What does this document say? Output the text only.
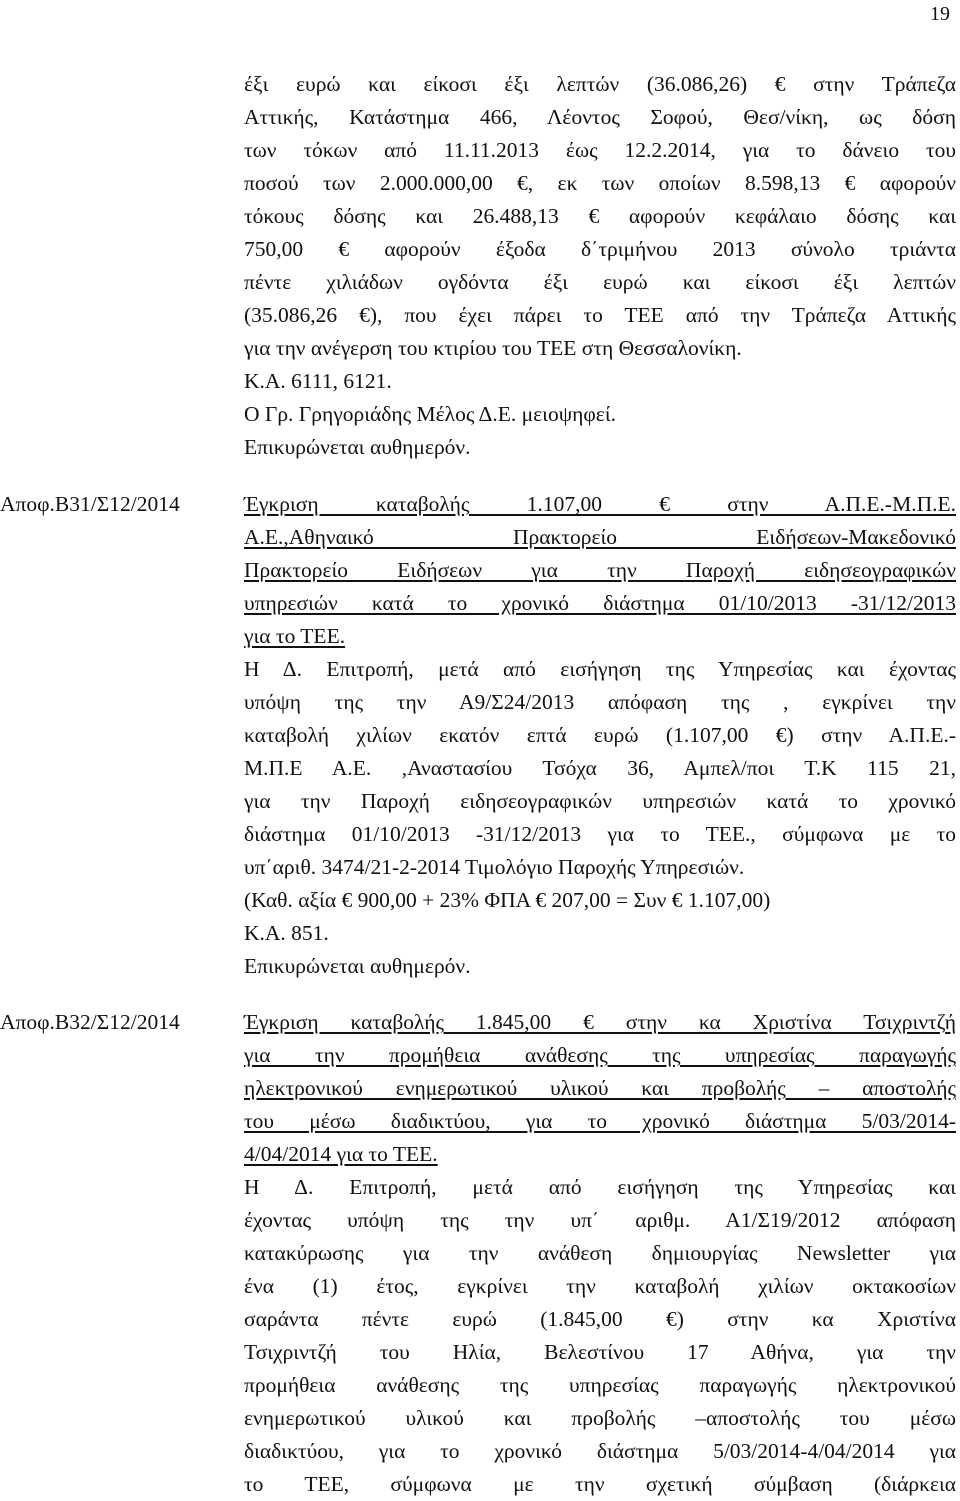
19
έξι ευρώ και είκοσι έξι λεπτών (36.086,26) € στην Τράπεζα
Αττικής, Κατάστημα 466, Λέοντος Σοφού, Θεσ/νίκη, ως δόση
των τόκων από 11.11.2013 έως 12.2.2014, για το δάνειο του
ποσού των 2.000.000,00 €, εκ των οποίων 8.598,13 € αφορούν
τόκους δόσης και 26.488,13 € αφορούν κεφάλαιο δόσης και
750,00 € αφορούν έξοδα δ΄τριμήνου 2013 σύνολο τριάντα
πέντε χιλιάδων ογδόντα έξι ευρώ και είκοσι έξι λεπτών
(35.086,26 €), που έχει πάρει το ΤΕΕ από την Τράπεζα Αττικής
για την ανέγερση του κτιρίου του ΤΕΕ στη Θεσσαλονίκη.
Κ.Α. 6111, 6121.
Ο Γρ. Γρηγοριάδης Μέλος Δ.Ε. μειοψηφεί.
Επικυρώνεται αυθημερόν.
Αποφ.Β31/Σ12/2014	Έγκριση καταβολής 1.107,00 € στην Α.Π.Ε.-Μ.Π.Ε.
Α.Ε.,Αθηναικό Πρακτορείο Ειδήσεων-Μακεδονικό
Πρακτορείο Ειδήσεων για την Παροχή ειδησεογραφικών
υπηρεσιών κατά το χρονικό διάστημα 01/10/2013 -31/12/2013
για το ΤΕΕ.
Η Δ. Επιτροπή, μετά από εισήγηση της Υπηρεσίας και έχοντας
υπόψη της την Α9/Σ24/2013 απόφαση της , εγκρίνει την
καταβολή χιλίων εκατόν επτά ευρώ (1.107,00 €) στην Α.Π.Ε.-
Μ.Π.Ε Α.Ε. ,Αναστασίου Τσόχα 36, Αμπελ/ποι Τ.Κ 115 21,
για την Παροχή ειδησεογραφικών υπηρεσιών κατά το χρονικό
διάστημα 01/10/2013 -31/12/2013 για το ΤΕΕ., σύμφωνα με το
υπ΄αριθ. 3474/21-2-2014 Τιμολόγιο Παροχής Υπηρεσιών.
(Καθ. αξία € 900,00 + 23% ΦΠΑ € 207,00 = Συν € 1.107,00)
Κ.Α. 851.
Επικυρώνεται αυθημερόν.
Αποφ.Β32/Σ12/2014	Έγκριση καταβολής 1.845,00 € στην κα Χριστίνα Τσιχριντζή
για την προμήθεια ανάθεσης της υπηρεσίας παραγωγής
ηλεκτρονικού ενημερωτικού υλικού και προβολής – αποστολής
του μέσω διαδικτύου, για το χρονικό διάστημα 5/03/2014-
4/04/2014 για το ΤΕΕ.
Η Δ. Επιτροπή, μετά από εισήγηση της Υπηρεσίας και
έχοντας υπόψη της την υπ΄ αριθμ. Α1/Σ19/2012 απόφαση
κατακύρωσης για την ανάθεση δημιουργίας Newsletter για
ένα (1) έτος, εγκρίνει την καταβολή χιλίων οκτακοσίων
σαράντα πέντε ευρώ (1.845,00 €) στην κα Χριστίνα
Τσιχριντζή του Ηλία, Βελεστίνου 17 Αθήνα, για την
προμήθεια ανάθεσης της υπηρεσίας παραγωγής ηλεκτρονικού
ενημερωτικού υλικού και προβολής –αποστολής του μέσω
διαδικτύου, για το χρονικό διάστημα 5/03/2014-4/04/2014 για
το ΤΕΕ, σύμφωνα με την σχετική σύμβαση (διάρκεια
